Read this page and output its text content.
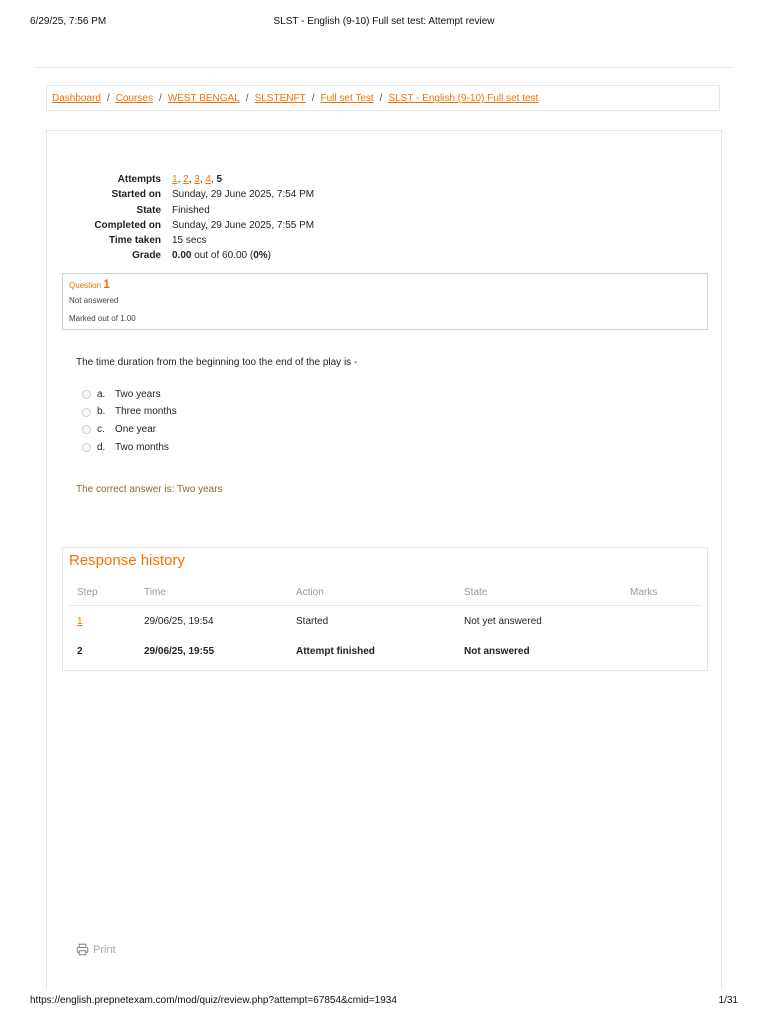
6/29/25, 7:56 PM	SLST - English (9-10) Full set test: Attempt review
Dashboard / Courses / WEST BENGAL / SLSTENFT / Full set Test / SLST - English (9-10) Full set test
Attempts 1, 2, 3, 4, 5
Started on Sunday, 29 June 2025, 7:54 PM
State Finished
Completed on Sunday, 29 June 2025, 7:55 PM
Time taken 15 secs
Grade 0.00 out of 60.00 (0%)
Question 1
Not answered
Marked out of 1.00
The time duration from the beginning too the end of the play is -
a. Two years
b. Three months
c.	One year
d. Two months
The correct answer is: Two years
Response history
Step	Time	Action	State	Marks
1	29/06/25, 19:54	Started	Not yet answered	
2	29/06/25, 19:55	Attempt finished	Not answered	
Print
https://english.prepnetexam.com/mod/quiz/review.php?attempt=67854&cmid=1934	1/31
